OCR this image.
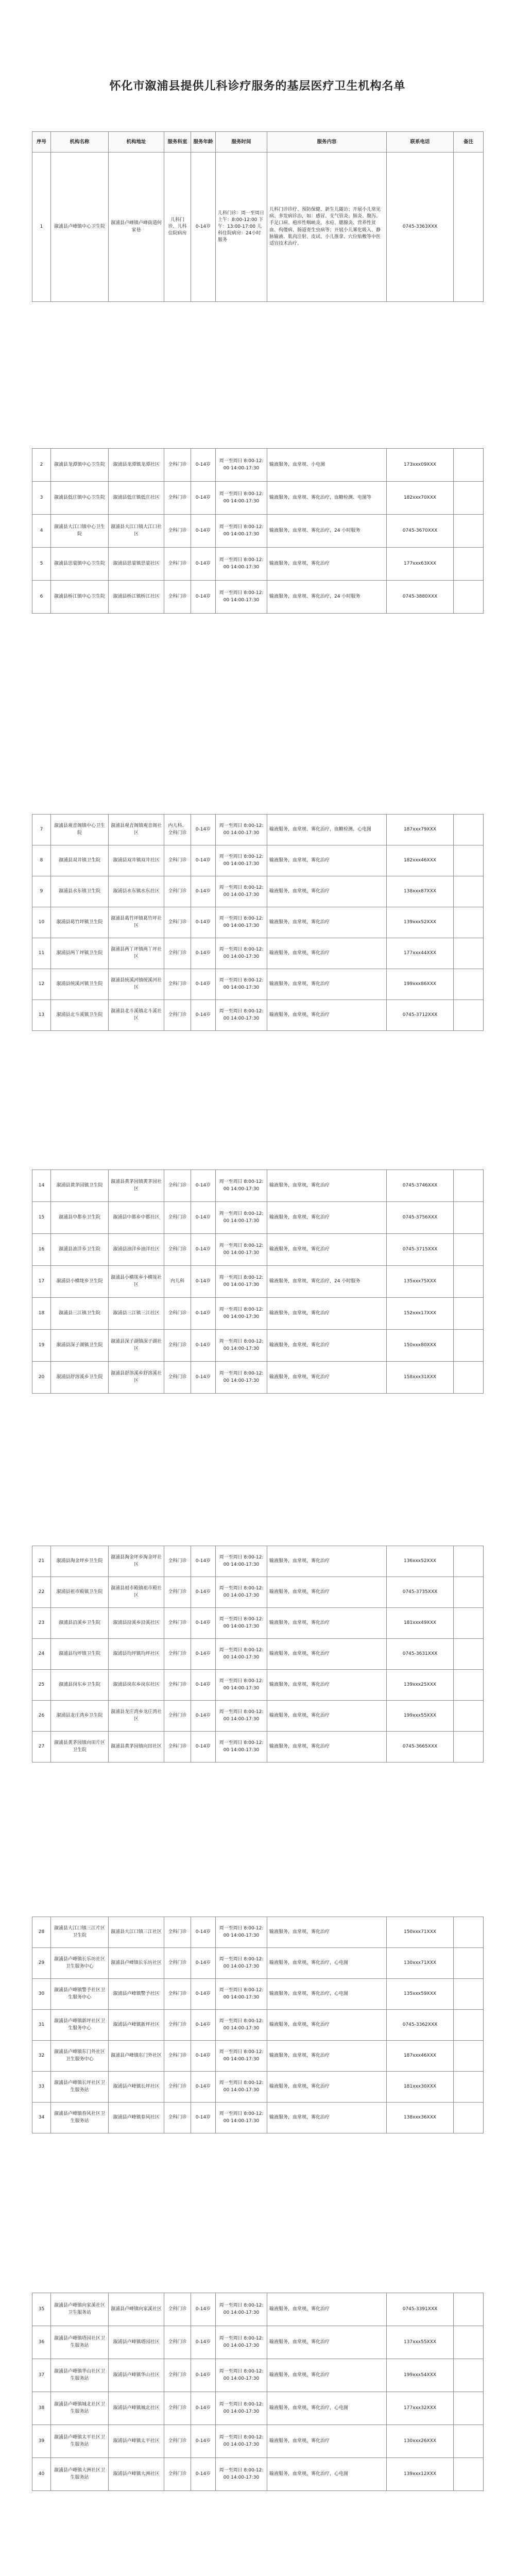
怀化市溆浦县提供儿科诊疗服务的基层医疗卫生机构名单
序号	机构名称	机构地址	服务科室	服务年龄	服务时间	服务内容	联系电话	备注
1	溆浦县卢峰镇中心卫生院	溆浦县卢峰镇卢峰街道何家巷	儿科门诊、儿科住院病房	0-14岁	儿科门诊：周一至周日 上午：8:00-12:00 下午：13:00-17:00 儿科住院病房：24小时服务	儿科门诊诊疗、预防保健、新生儿随访；开展小儿常见病、多发病诊治，如：感冒、支气管炎、肺炎、腹泻、手足口病、疱疹性咽峡炎、水痘、腮腺炎、营养性贫血、佝偻病、肠道寄生虫病等；开展小儿雾化吸入、静脉输液、肌肉注射、皮试、小儿推拿、穴位贴敷等中医适宜技术治疗。	0745-3363XXX	
2	溆浦县龙潭镇中心卫生院	溆浦县龙潭镇龙潭社区	全科门诊	0-14岁	周一至周日 8:00-12:00 14:00-17:30	输液服务，血常规、小电图	173xxx09XXX	
3	溆浦县低庄镇中心卫生院	溆浦县低庄镇低庄社区	全科门诊	0-14岁	周一至周日 8:00-12:00 14:00-17:30	输液服务，血常规、雾化治疗，血糖检测、电图等	182xxx70XXX	
4	溆浦县大江口镇中心卫生院	溆浦县大江口镇大江口社区	全科门诊	0-14岁	周一至周日 8:00-12:00 14:00-17:30	输液服务，血常规、雾化治疗，24 小时服务	0745-3670XXX	
5	溆浦县思蒙镇中心卫生院	溆浦县思蒙镇思蒙社区	全科门诊	0-14岁	周一至周日 8:00-12:00 14:00-17:30	输液服务，血常规，雾化治疗	177xxx63XXX	
6	溆浦县桥江镇中心卫生院	溆浦县桥江镇桥江社区	全科门诊	0-14岁	周一至周日 8:00-12:00 14:00-17:30	输液服务，血常规、雾化治疗，24 小时服务	0745-3880XXX	
7	溆浦县观音阁镇中心卫生院	溆浦县观音阁镇观音阁社区	内儿科、全科门诊	0-14岁	周一至周日 8:00-12:00 14:00-17:30	输液服务，血常规、雾化治疗，血糖检测、心电图	187xxx79XXX	
8	溆浦县双井镇卫生院	溆浦县双井镇双井社区	全科门诊	0-14岁	周一至周日 8:00-12:00 14:00-17:30	输液服务，血常规，雾化治疗	182xxx46XXX	
9	溆浦县水东镇卫生院	溆浦县水东镇水东社区	全科门诊	0-14岁	周一至周日 8:00-12:00 14:00-17:30	输液服务，血常规，雾化治疗	138xxx87XXX	
10	溆浦县葛竹坪镇卫生院	溆浦县葛竹坪镇葛竹坪社区	全科门诊	0-14岁	周一至周日 8:00-12:00 14:00-17:30	输液服务，血常规，雾化治疗	139xxx52XXX	
11	溆浦县两丫坪镇卫生院	溆浦县两丫坪镇两丫坪社区	全科门诊	0-14岁	周一至周日 8:00-12:00 14:00-17:30	输液服务，血常规，雾化治疗	177xxx44XXX	
12	溆浦县统溪河镇卫生院	溆浦县统溪河镇统溪河社区	全科门诊	0-14岁	周一至周日 8:00-12:00 14:00-17:30	输液服务，血常规，雾化治疗	199xxx86XXX	
13	溆浦县北斗溪镇卫生院	溆浦县北斗溪镇北斗溪社区	全科门诊	0-14岁	周一至周日 8:00-12:00 14:00-17:30	输液服务，血常规，雾化治疗	0745-3712XXX	
14	溆浦县黄茅园镇卫生院	溆浦县黄茅园镇黄茅园社区	全科门诊	0-14岁	周一至周日 8:00-12:00 14:00-17:30	输液服务，血常规，雾化治疗	0745-3746XXX	
15	溆浦县中都乡卫生院	溆浦县中都乡中都社区	全科门诊	0-14岁	周一至周日 8:00-12:00 14:00-17:30	输液服务，血常规，雾化治疗	0745-3756XXX	
16	溆浦县油洋乡卫生院	溆浦县油洋乡油洋社区	全科门诊	0-14岁	周一至周日 8:00-12:00 14:00-17:30	输液服务，血常规，雾化治疗	0745-3715XXX	
17	溆浦县小横垅乡卫生院	溆浦县小横垅乡小横垅社区	内儿科	0-14岁	周一至周日 8:00-12:00 14:00-17:30	输液服务，血常规，雾化治疗，24 小时服务	135xxx75XXX	
18	溆浦县三江镇卫生院	溆浦县三江镇三江社区	全科门诊	0-14岁	周一至周日 8:00-12:00 14:00-17:30	输液服务，血常规，雾化治疗	152xxx17XXX	
19	溆浦县深子湖镇卫生院	溆浦县深子湖镇深子湖社区	全科门诊	0-14岁	周一至周日 8:00-12:00 14:00-17:30	输液服务，血常规，雾化治疗	150xxx80XXX	
20	溆浦县舒溶溪乡卫生院	溆浦县舒溶溪乡舒溶溪社区	全科门诊	0-14岁	周一至周日 8:00-12:00 14:00-17:30	输液服务，血常规，雾化治疗	158xxx31XXX	
21	溆浦县淘金坪乡卫生院	溆浦县淘金坪乡淘金坪社区	全科门诊	0-14岁	周一至周日 8:00-12:00 14:00-17:30	输液服务，血常规，雾化治疗	136xxx52XXX	
22	溆浦县祖市殿镇卫生院	溆浦县祖市殿镇祖市殿社区	全科门诊	0-14岁	周一至周日 8:00-12:00 14:00-17:30	输液服务，血常规，雾化治疗	0745-3735XXX	
23	溆浦县沿溪乡卫生院	溆浦县沿溪乡沿溪社区	全科门诊	0-14岁	周一至周日 8:00-12:00 14:00-17:30	输液服务，血常规，雾化治疗	181xxx49XXX	
24	溆浦县均坪镇卫生院	溆浦县均坪镇均坪社区	全科门诊	0-14岁	周一至周日 8:00-12:00 14:00-17:30	输液服务，血常规，雾化治疗	0745-3631XXX	
25	溆浦县岗东乡卫生院	溆浦县岗东乡岗东社区	全科门诊	0-14岁	周一至周日 8:00-12:00 14:00-17:30	输液服务，血常规，雾化治疗	139xxx25XXX	
26	溆浦县龙庄湾乡卫生院	溆浦县龙庄湾乡龙庄湾社区	全科门诊	0-14岁	周一至周日 8:00-12:00 14:00-17:30	输液服务，血常规，雾化治疗	199xxx55XXX	
27	溆浦县黄茅园镇向田片区卫生院	溆浦县黄茅园镇向田社区	全科门诊	0-14岁	周一至周日 8:00-12:00 14:00-17:30	输液服务，血常规，雾化治疗	0745-3665XXX	
28	溆浦县大江口镇三江片区卫生院	溆浦县大江口镇三江社区	全科门诊	0-14岁	周一至周日 8:00-12:00 14:00-17:30	输液服务，血常规，雾化治疗	150xxx71XXX	
29	溆浦县卢峰镇长乐坊社区卫生服务中心	溆浦县卢峰镇长乐坊社区	全科门诊	0-14岁	周一至周日 8:00-12:00 14:00-17:30	输液服务，血常规，雾化治疗，心电图	130xxx71XXX	
30	溆浦县卢峰镇警予社区卫生服务中心	溆浦县卢峰镇警予社区	全科门诊	0-14岁	周一至周日 8:00-12:00 14:00-17:30	输液服务，血常规，雾化治疗，心电图	135xxx59XXX	
31	溆浦县卢峰镇新坪社区卫生服务中心	溆浦县卢峰镇新坪社区	全科门诊	0-14岁	周一至周日 8:00-12:00 14:00-17:30	输液服务，血常规，雾化治疗	0745-3362XXX	
32	溆浦县卢峰镇东门外社区卫生服务中心	溆浦县卢峰镇东门外社区	全科门诊	0-14岁	周一至周日 8:00-12:00 14:00-17:30	输液服务，血常规，雾化治疗	187xxx46XXX	
33	溆浦县卢峰镇长坪社区卫生服务站	溆浦县卢峰镇长坪社区	全科门诊	0-14岁	周一至周日 8:00-12:00 14:00-17:30	输液服务，血常规，雾化治疗	181xxx30XXX	
34	溆浦县卢峰镇春风社区卫生服务站	溆浦县卢峰镇春风社区	全科门诊	0-14岁	周一至周日 8:00-12:00 14:00-17:30	输液服务，血常规，雾化治疗	138xxx36XXX	
35	溆浦县卢峰镇向家溪社区卫生服务站	溆浦县卢峰镇向家溪社区	全科门诊	0-14岁	周一至周日 8:00-12:00 14:00-17:30	输液服务，血常规，雾化治疗	0745-3391XXX	
36	溆浦县卢峰镇塔园社区卫生服务站	溆浦县卢峰镇塔园社区	全科门诊	0-14岁	周一至周日 8:00-12:00 14:00-17:30	输液服务，血常规，雾化治疗	137xxx55XXX	
37	溆浦县卢峰镇华山社区卫生服务站	溆浦县卢峰镇华山社区	全科门诊	0-14岁	周一至周日 8:00-12:00 14:00-17:30	输液服务，血常规，雾化治疗	199xxx54XXX	
38	溆浦县卢峰镇城北社区卫生服务站	溆浦县卢峰镇城北社区	全科门诊	0-14岁	周一至周日 8:00-12:00 14:00-17:30	输液服务，血常规，雾化治疗，心电图	177xxx32XXX	
39	溆浦县卢峰镇太平社区卫生服务站	溆浦县卢峰镇太平社区	全科门诊	0-14岁	周一至周日 8:00-12:00 14:00-17:30	输液服务，血常规，雾化治疗	130xxx26XXX	
40	溆浦县卢峰镇大洲社区卫生服务站	溆浦县卢峰镇大洲社区	全科门诊	0-14岁	周一至周日 8:00-12:00 14:00-17:30	输液服务，血常规，雾化治疗，心电图	139xxx12XXX	
